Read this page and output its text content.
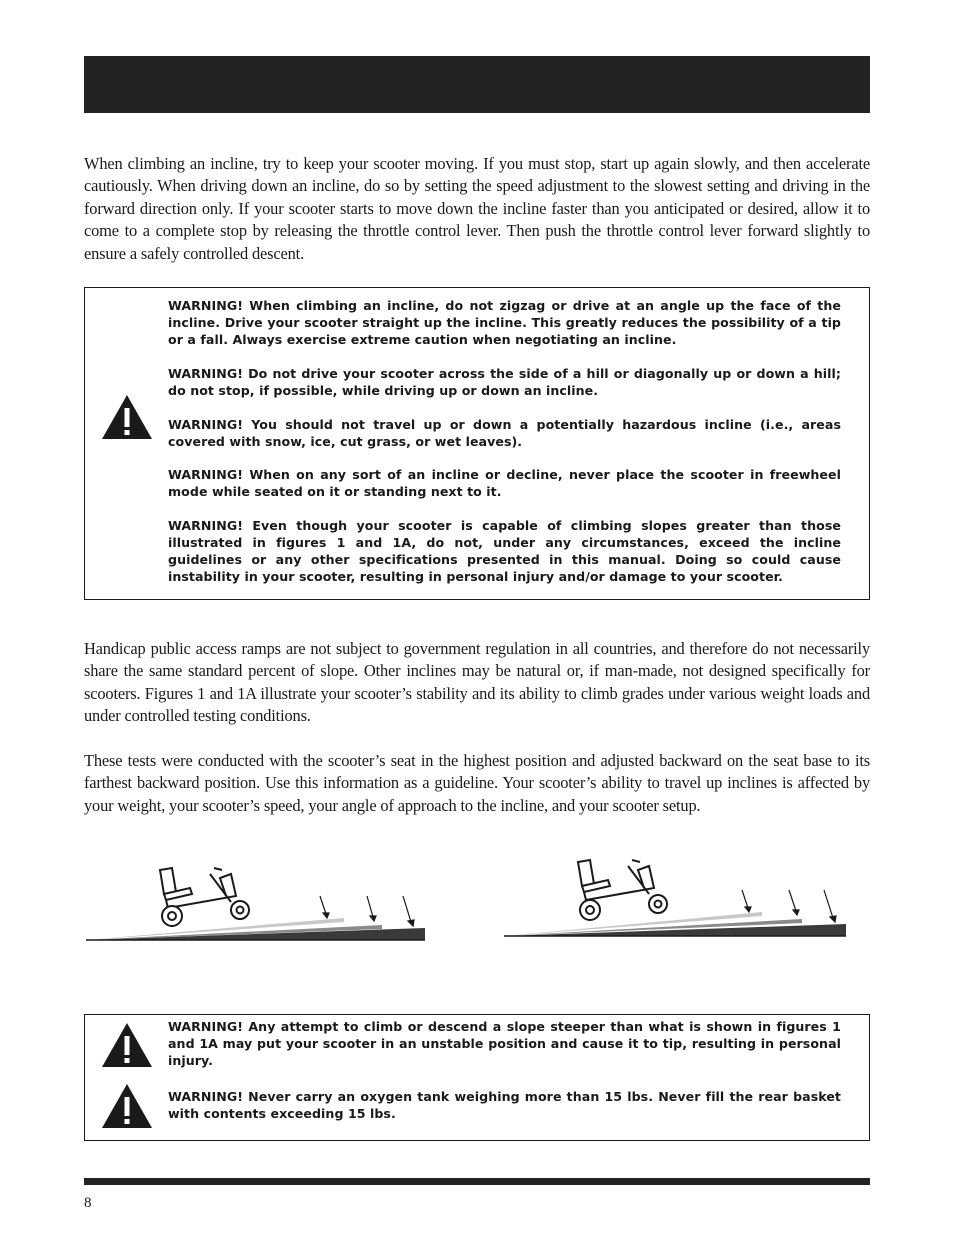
When climbing an incline, try to keep your scooter moving. If you must stop, start up again slowly, and then accelerate cautiously. When driving down an incline, do so by setting the speed adjustment to the slowest setting and driving in the forward direction only. If your scooter starts to move down the incline faster than you anticipated or desired, allow it to come to a complete stop by releasing the throttle control lever. Then push the throttle control lever forward slightly to ensure a safely controlled descent.

WARNING! When climbing an incline, do not zigzag or drive at an angle up the face of the incline. Drive your scooter straight up the incline. This greatly reduces the possibility of a tip or a fall. Always exercise extreme caution when negotiating an incline.

WARNING! Do not drive your scooter across the side of a hill or diagonally up or down a hill; do not stop, if possible, while driving up or down an incline.

WARNING! You should not travel up or down a potentially hazardous incline (i.e., areas covered with snow, ice, cut grass, or wet leaves).

WARNING! When on any sort of an incline or decline, never place the scooter in freewheel mode while seated on it or standing next to it.

WARNING! Even though your scooter is capable of climbing slopes greater than those illustrated in figures 1 and 1A, do not, under any circumstances, exceed the incline guidelines or any other specifications presented in this manual. Doing so could cause instability in your scooter, resulting in personal injury and/or damage to your scooter.

Handicap public access ramps are not subject to government regulation in all countries, and therefore do not necessarily share the same standard percent of slope. Other inclines may be natural or, if man-made, not designed specifically for scooters. Figures 1 and 1A illustrate your scooter’s stability and its ability to climb grades under various weight loads and under controlled testing conditions.

These tests were conducted with the scooter’s seat in the highest position and adjusted backward on the seat base to its farthest backward position. Use this information as a guideline. Your scooter’s ability to travel up inclines is affected by your weight, your scooter’s speed, your angle of approach to the incline, and your scooter setup.

WARNING! Any attempt to climb or descend a slope steeper than what is shown in figures 1 and 1A may put your scooter in an unstable position and cause it to tip, resulting in personal injury.

WARNING! Never carry an oxygen tank weighing more than 15 lbs. Never fill the rear basket with contents exceeding 15 lbs.

8
